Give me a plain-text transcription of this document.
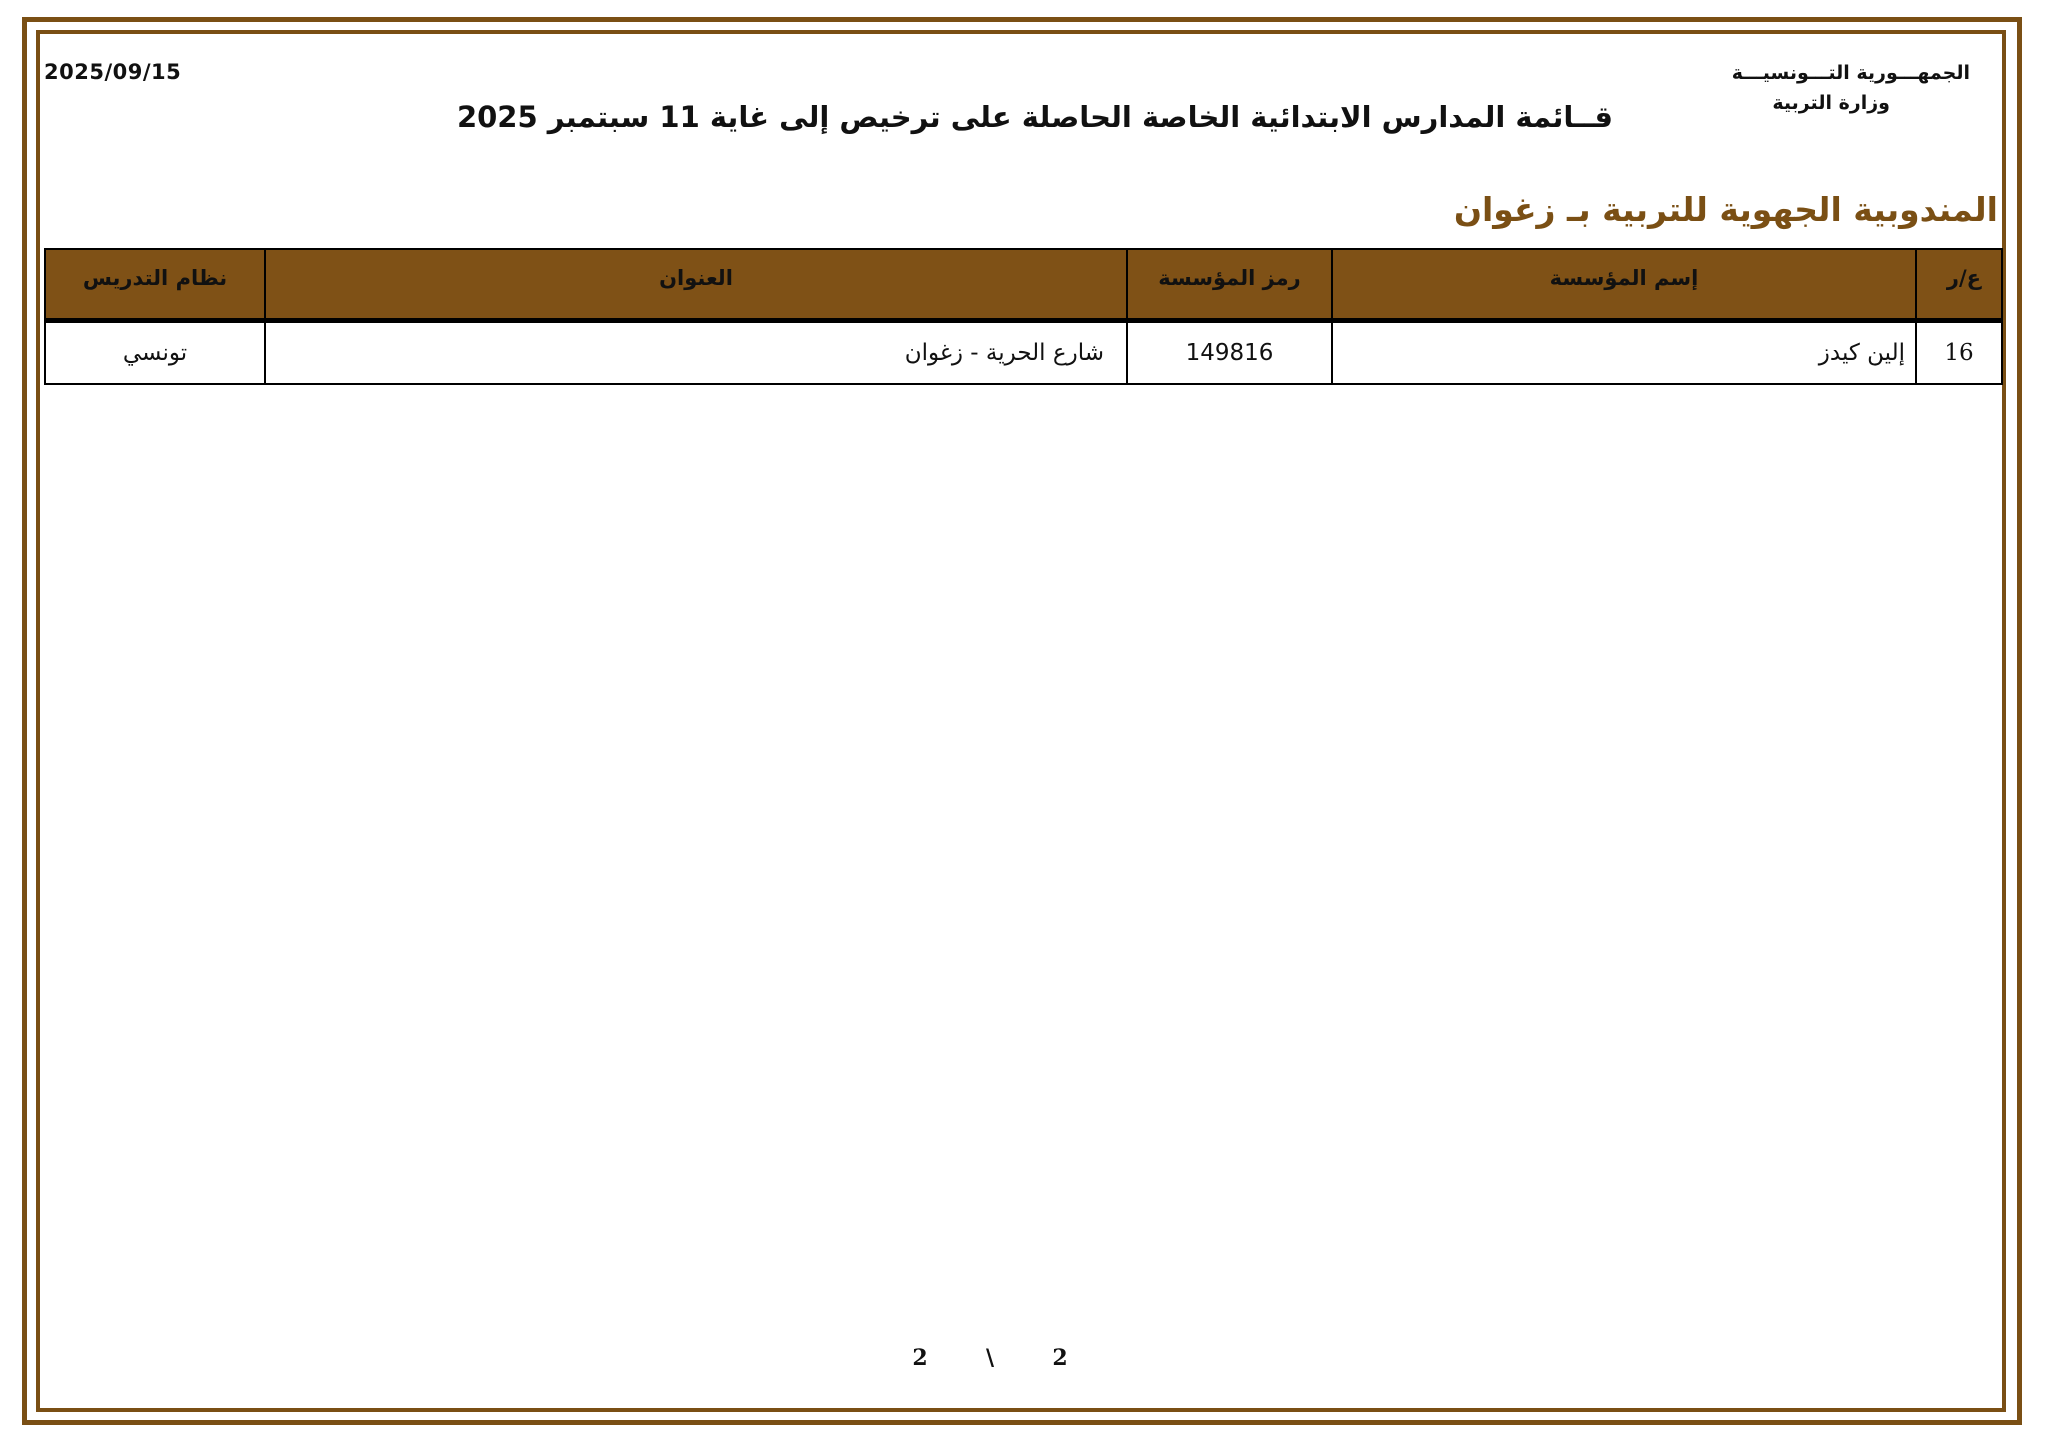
2025/09/15	الجمهـــورية التـــونسيـــة
وزارة التربية
قــائمة المدارس الابتدائية الخاصة الحاصلة على ترخيص إلى غاية 11 سبتمبر 2025
المندوبية الجهوية للتربية بـ زغوان
ع/ر	إسم المؤسسة	رمز المؤسسة	العنوان	نظام التدريس
16	إلين كيدز	149816	شارع الحرية - زغوان	تونسي
2
\
2
